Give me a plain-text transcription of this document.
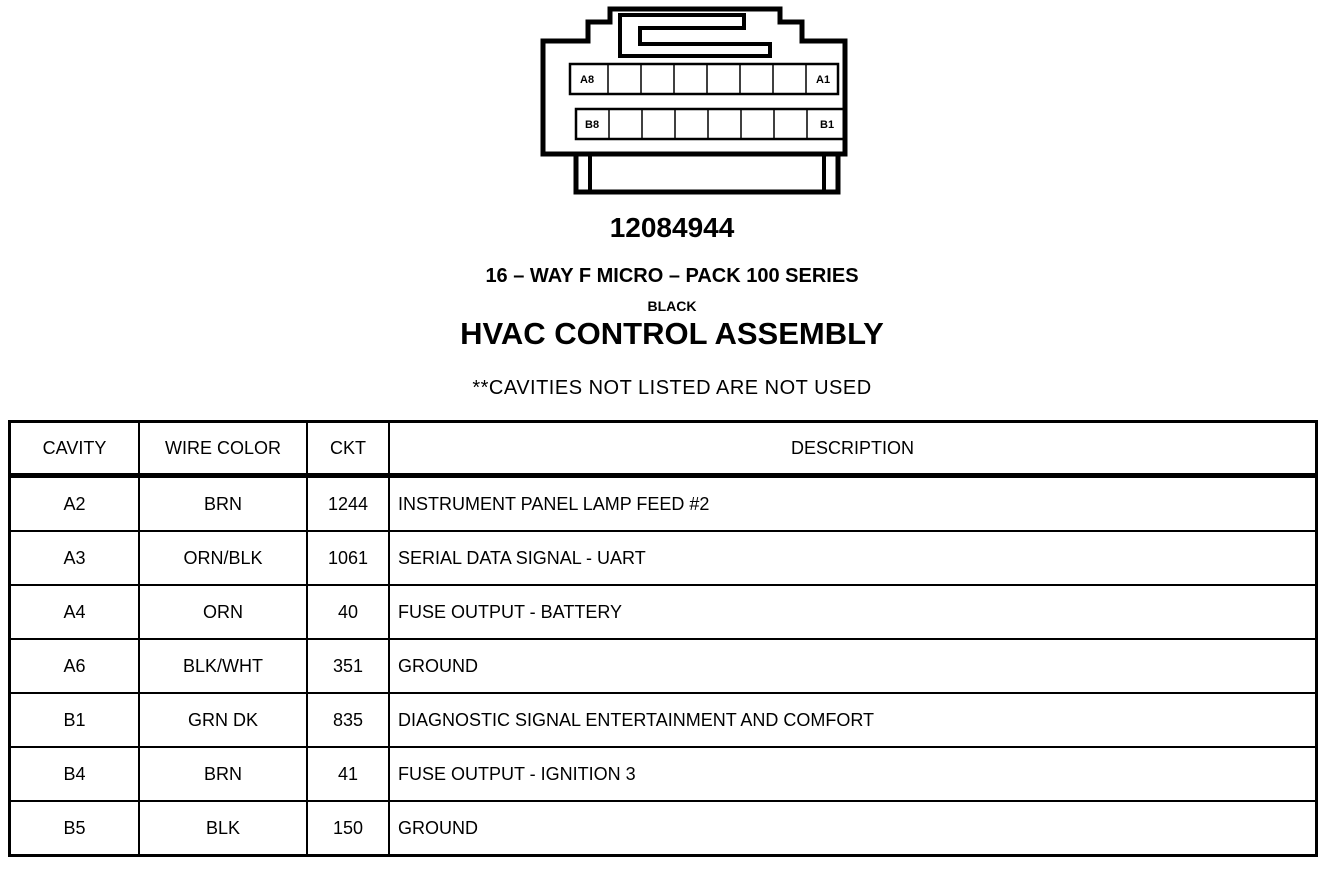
A8	A1
B8	B1
12084944
16 – WAY F MICRO – PACK 100 SERIES
BLACK
HVAC CONTROL ASSEMBLY
**CAVITIES NOT LISTED ARE NOT USED
CAVITY	WIRE COLOR	CKT	DESCRIPTION
A2	BRN	1244	INSTRUMENT PANEL LAMP FEED #2
A3	ORN/BLK	1061	SERIAL DATA SIGNAL - UART
A4	ORN	40	FUSE OUTPUT - BATTERY
A6	BLK/WHT	351	GROUND
B1	GRN DK	835	DIAGNOSTIC SIGNAL ENTERTAINMENT AND COMFORT
B4	BRN	41	FUSE OUTPUT - IGNITION 3
B5	BLK	150	GROUND
